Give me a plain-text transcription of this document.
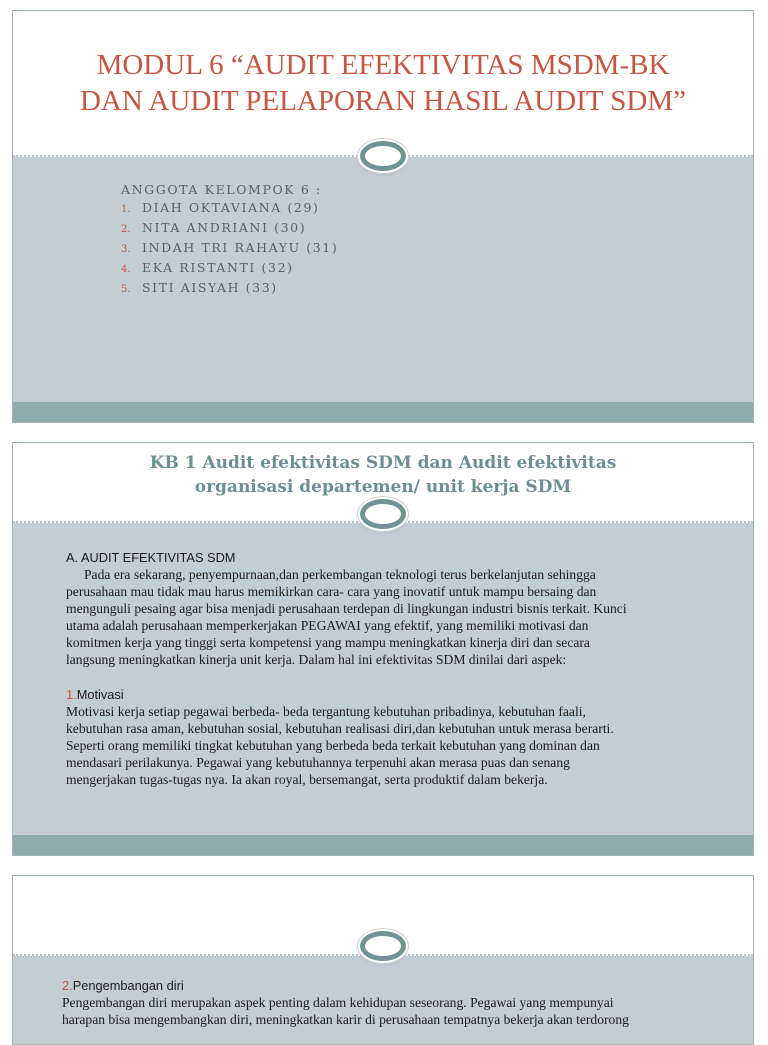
MODUL 6 “AUDIT EFEKTIVITAS MSDM-BK
DAN AUDIT PELAPORAN HASIL AUDIT SDM”
ANGGOTA KELOMPOK 6 :
1. DIAH OKTAVIANA (29)
2. NITA ANDRIANI (30)
3. INDAH TRI RAHAYU (31)
4. EKA RISTANTI (32)
5. SITI AISYAH (33)
KB 1 Audit efektivitas SDM dan Audit efektivitas
organisasi departemen/ unit kerja SDM

A. AUDIT EFEKTIVITAS SDM

Pada era sekarang, penyempurnaan,dan perkembangan teknologi terus berkelanjutan sehingga

perusahaan mau tidak mau harus memikirkan cara- cara yang inovatif untuk mampu bersaing dan

mengunguli pesaing agar bisa menjadi perusahaan terdepan di lingkungan industri bisnis terkait. Kunci

utama adalah perusahaan memperkerjakan PEGAWAI yang efektif, yang memiliki motivasi dan

komitmen kerja yang tinggi serta kompetensi yang mampu meningkatkan kinerja diri dan secara

langsung meningkatkan kinerja unit kerja. Dalam hal ini efektivitas SDM dinilai dari aspek:

1.Motivasi

Motivasi kerja setiap pegawai berbeda- beda tergantung kebutuhan pribadinya, kebutuhan faali,

kebutuhan rasa aman, kebutuhan sosial, kebutuhan realisasi diri,dan kebutuhan untuk merasa berarti.

Seperti orang memiliki tingkat kebutuhan yang berbeda beda terkait kebutuhan yang dominan dan

mendasari perilakunya. Pegawai yang kebutuhannya terpenuhi akan merasa puas dan senang

mengerjakan tugas-tugas nya. Ia akan royal, bersemangat, serta produktif dalam bekerja.

2.Pengembangan diri

Pengembangan diri merupakan aspek penting dalam kehidupan seseorang. Pegawai yang mempunyai

harapan bisa mengembangkan diri, meningkatkan karir di perusahaan tempatnya bekerja akan terdorong
